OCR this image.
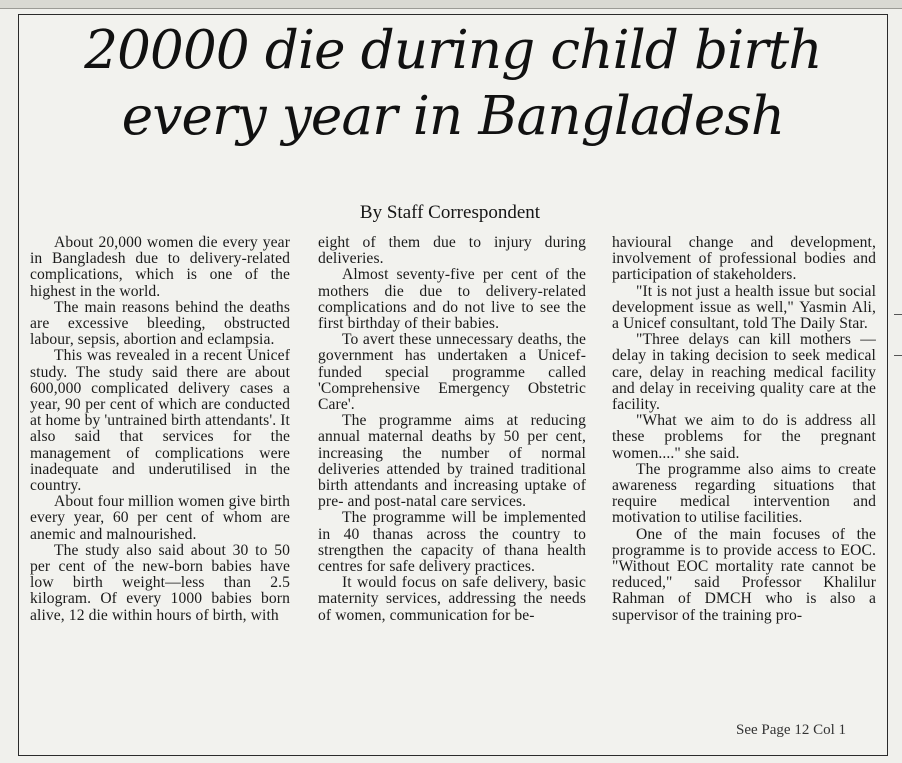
20000 die during child birth
every year in Bangladesh
By Staff Correspondent

About 20,000 women die every year in Bangladesh due to delivery-related complications, which is one of the highest in the world.

The main reasons behind the deaths are excessive bleeding, obstructed labour, sepsis, abortion and eclampsia.

This was revealed in a recent Unicef study. The study said there are about 600,000 complicated delivery cases a year, 90 per cent of which are conducted at home by 'untrained birth attendants'. It also said that services for the management of complications were inadequate and underutilised in the country.

About four million women give birth every year, 60 per cent of whom are anemic and malnourished.

The study also said about 30 to 50 per cent of the new-born babies have low birth weight—less than 2.5 kilogram. Of every 1000 babies born alive, 12 die within hours of birth, with

eight of them due to injury during deliveries.

Almost seventy-five per cent of the mothers die due to delivery-related complications and do not live to see the first birthday of their babies.

To avert these unnecessary deaths, the government has undertaken a Unicef-funded special programme called 'Comprehensive Emergency Obstetric Care'.

The programme aims at reducing annual maternal deaths by 50 per cent, increasing the number of normal deliveries attended by trained traditional birth attendants and increasing uptake of pre- and post-natal care services.

The programme will be implemented in 40 thanas across the country to strengthen the capacity of thana health centres for safe delivery practices.

It would focus on safe delivery, basic maternity services, addressing the needs of women, communication for be-

havioural change and development, involvement of professional bodies and participation of stakeholders.

"It is not just a health issue but social development issue as well," Yasmin Ali, a Unicef consultant, told The Daily Star.

"Three delays can kill mothers — delay in taking decision to seek medical care, delay in reaching medical facility and delay in receiving quality care at the facility.

"What we aim to do is address all these problems for the pregnant women...." she said.

The programme also aims to create awareness regarding situations that require medical intervention and motivation to utilise facilities.

One of the main focuses of the programme is to provide access to EOC. "Without EOC mortality rate cannot be reduced," said Professor Khalilur Rahman of DMCH who is also a supervisor of the training pro-

See Page 12 Col 1
